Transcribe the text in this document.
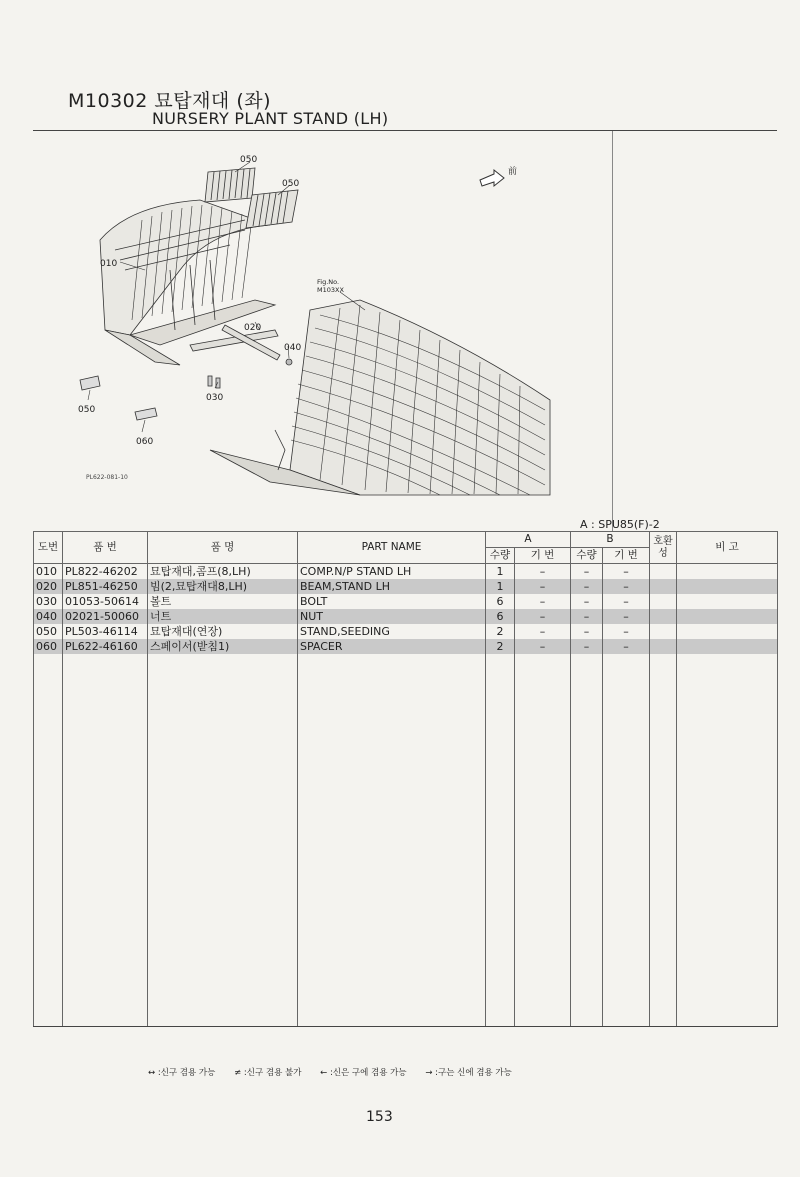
M10302 묘탑재대 (좌)
NURSERY PLANT STAND (LH)
050
050
010
020
040
030
050
060
前
Fig.No.
M103XX
PL622-081-10
A : SPU85(F)-2
도번	품 번	품 명	PART NAME	A		B		호환성	비 고
				수량	기 번	수량	기 번		
010	PL822-46202	묘탑재대,콤프(8,LH)	COMP.N/P STAND LH	1	–	–	–		
020	PL851-46250	빔(2,묘탑재대8,LH)	BEAM,STAND LH	1	–	–	–		
030	01053-50614	볼트	BOLT	6	–	–	–		
040	02021-50060	너트	NUT	6	–	–	–		
050	PL503-46114	묘탑재대(연장)	STAND,SEEDING	2	–	–	–		
060	PL622-46160	스페이서(받침1)	SPACER	2	–	–	–		

↔ :신구 겸용 가능 ≠ :신구 겸용 불가 ← :신은 구에 겸용 가능 → :구는 신에 겸용 가능
153
